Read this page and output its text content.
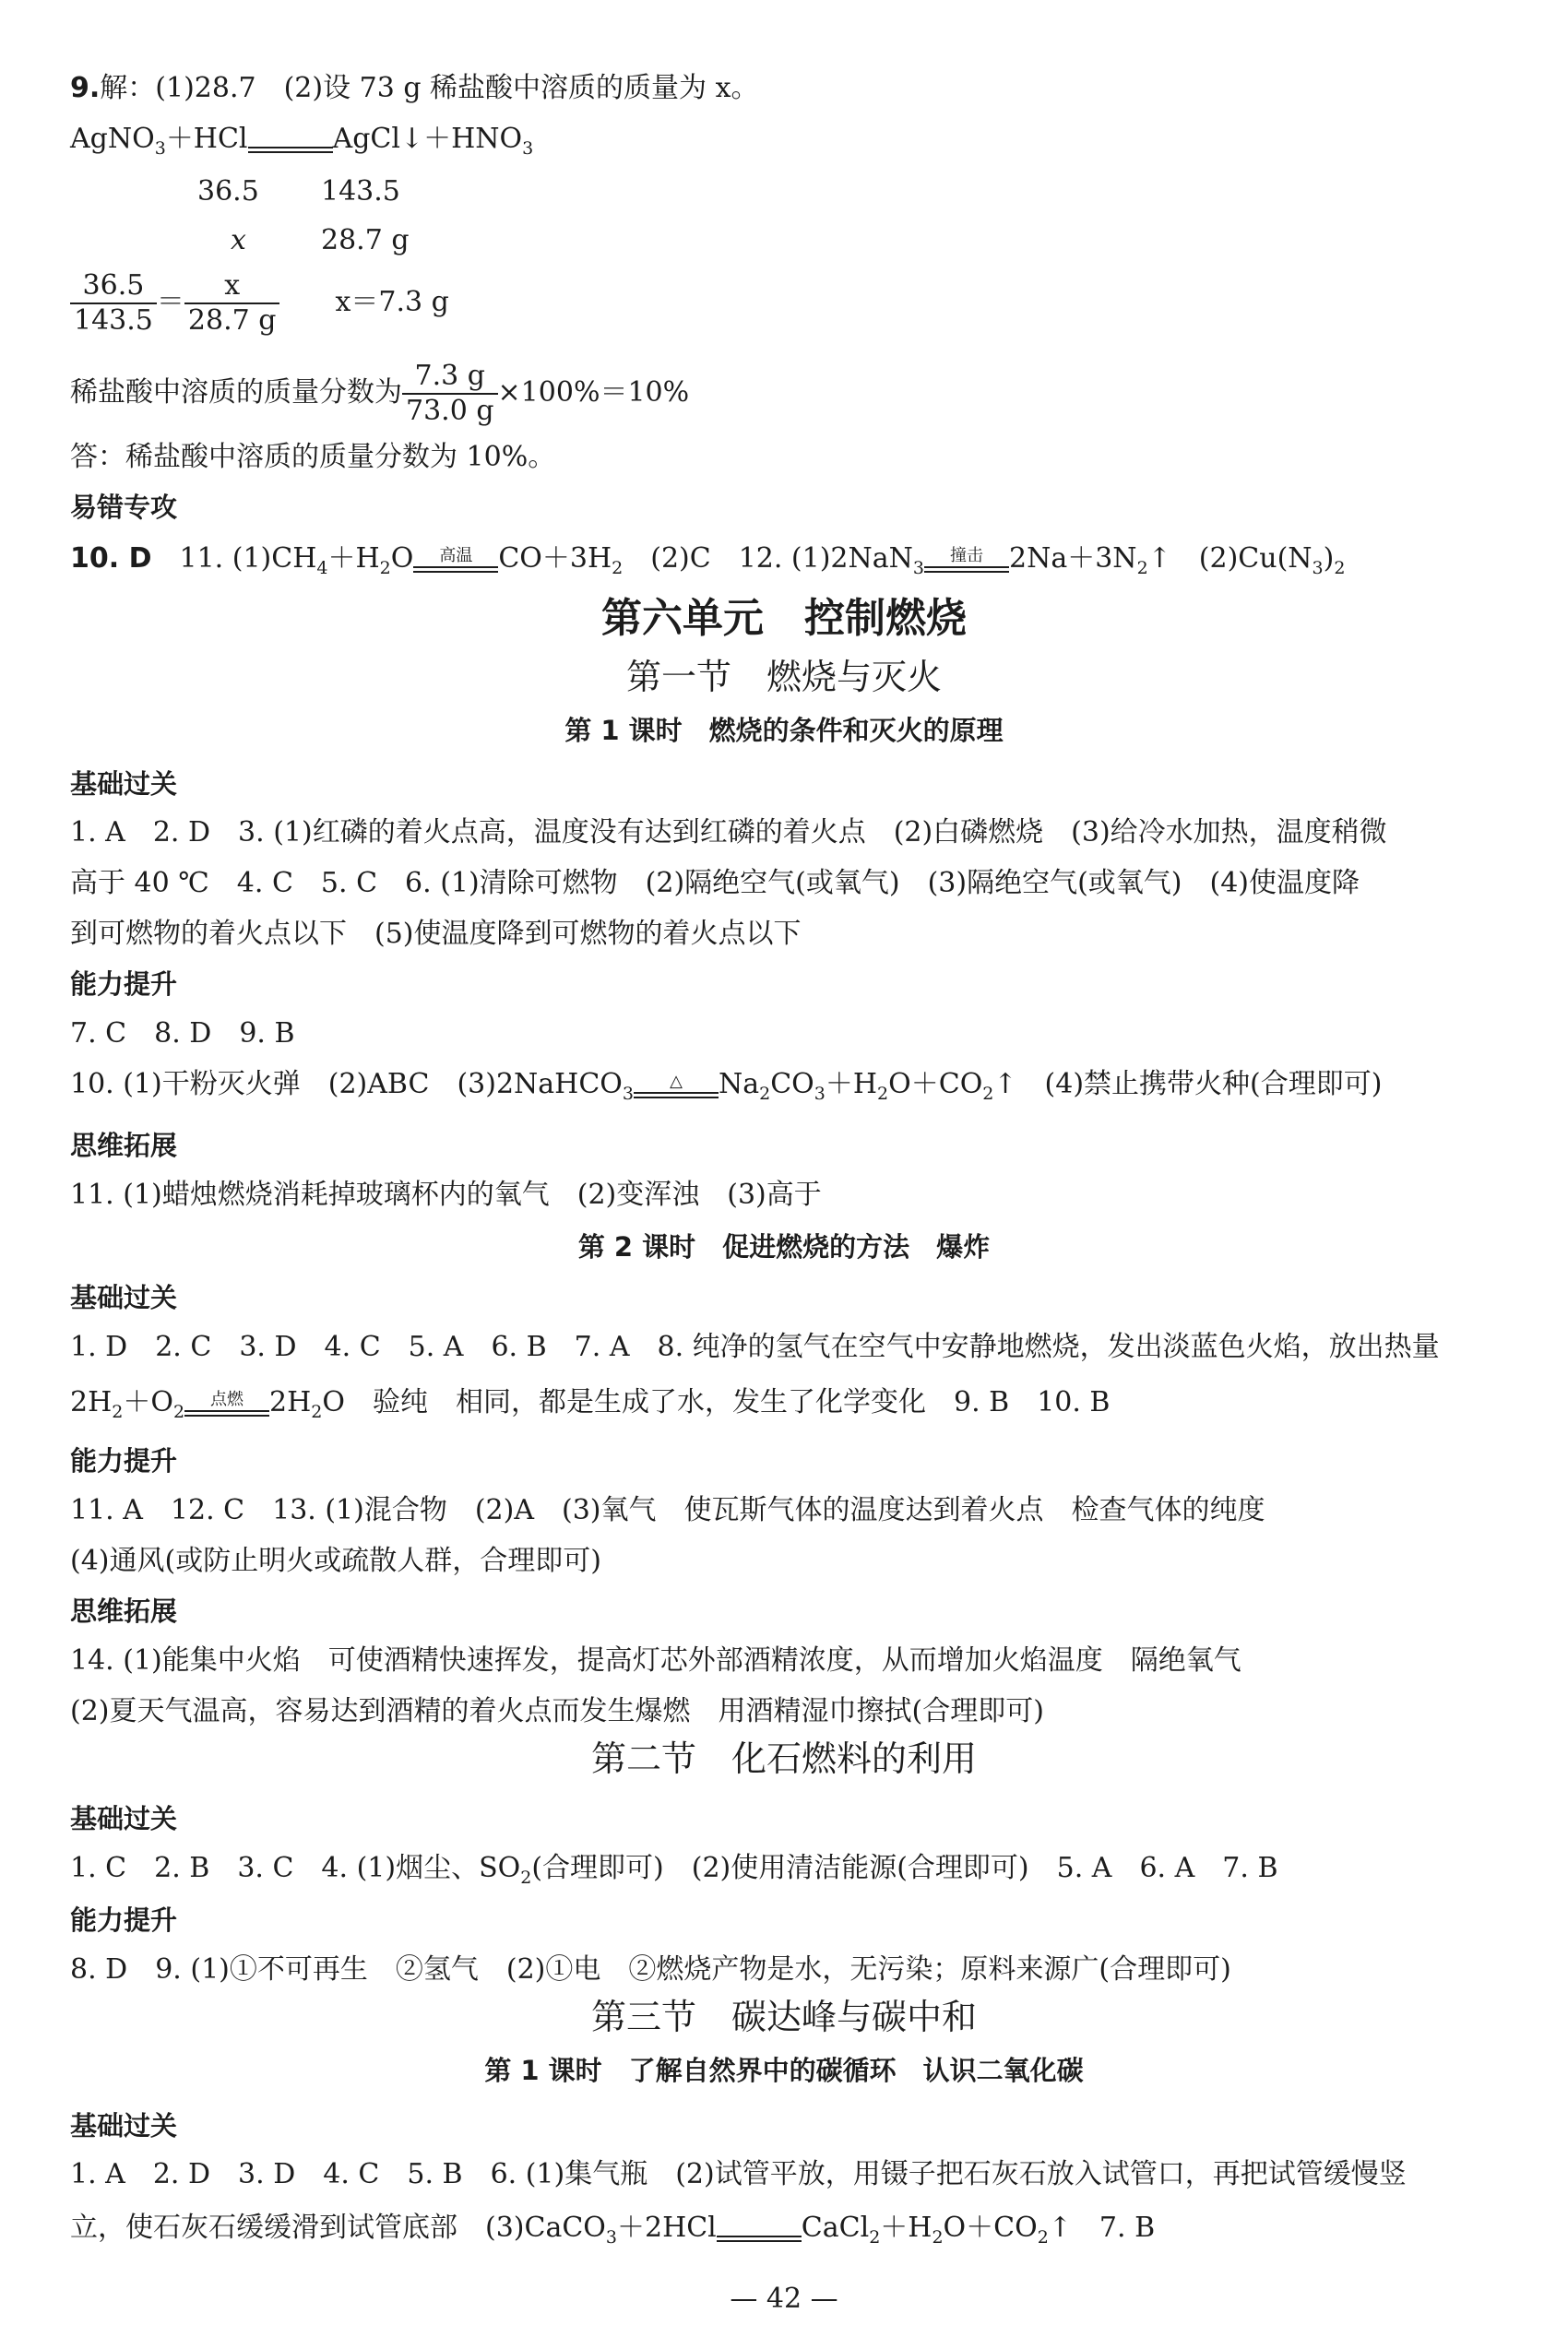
9.解：(1)28.7　(2)设 73 g 稀盐酸中溶质的质量为 x。
AgNO$_3$＋HCl	$AgCl↓+HNO_3$
36.5 143.5
x	28.7 g
$\frac{36.5}{143.5} = \frac{x}{28.7 g} x=7.3$ g
稀盐酸中溶质的质量分数为 $\frac{7.3 g}{73.0 g} \times 100\%=10\%$
答：稀盐酸中溶质的质量分数为 10%。
易错专攻
10. D　 11. $(1)CH_4+H_2O$	高温 $CO+3H_2$　 (2)C　 12. (1)2NaN$_3$
撞击 $2Na+3N_2↑$　$(2)Cu(N_3)_2$
第六单元　控制燃烧
第一节　燃烧与灭火
第 1 课时　燃烧的条件和灭火的原理
基础过关
1. A　2. D　3. (1)红磷的着火点高，温度没有达到红磷的着火点　(2)白磷燃烧　(3)给冷水加热，温度稍微
高于 40 ℃　4. C　5. C　6. (1)清除可燃物　(2)隔绝空气(或氧气)　(3)隔绝空气(或氧气)　(4)使温度降
到可燃物的着火点以下　(5)使温度降到可燃物的着火点以下
能力提升
7. C　8. D　9. B
10. (1)干粉灭火弹　(2)ABC　(3)2NaHCO$_3$
△	$Na_2CO_3+H_2O+CO_2↑$　(4)禁止携带火种(合理即可)
思维拓展
11. (1)蜡烛燃烧消耗掉玻璃杯内的氧气　(2)变浑浊　(3)高于
第 2 课时　促进燃烧的方法　爆炸
基础过关
1. D　2. C　3. D　4. C　5. A　6. B　7. A　8. 纯净的氢气在空气中安静地燃烧，发出淡蓝色火焰，放出热量
$2H_2+O_2$
点燃 $2H_2O$　验纯　相同，都是生成了水，发生了化学变化　9. B　10. B
能力提升
11. A　12. C　13. (1)混合物　(2)A　(3)氧气　使瓦斯气体的温度达到着火点　检查气体的纯度
(4)通风(或防止明火或疏散人群，合理即可)
思维拓展
14. (1)能集中火焰　可使酒精快速挥发，提高灯芯外部酒精浓度，从而增加火焰温度　隔绝氧气
(2)夏天气温高，容易达到酒精的着火点而发生爆燃　用酒精湿巾擦拭(合理即可)
第二节　化石燃料的利用
基础过关
1. C　2. B　3. C　4. (1)烟尘、$SO_2$(合理即可)　(2)使用清洁能源(合理即可)　5. A　6. A　7. B
能力提升
8. D　9. (1)①不可再生　②氢气　(2)①电　②燃烧产物是水，无污染；原料来源广(合理即可)
第三节　碳达峰与碳中和
第 1 课时　了解自然界中的碳循环　认识二氧化碳
基础过关
1. A　2. D　3. D　4. C　5. B　6. (1)集气瓶　(2)试管平放，用镊子把石灰石放入试管口，再把试管缓慢竖
立，使石灰石缓缓滑到试管底部　(3)CaCO$_3$＋2HCl	$CaCl_2+H_2O+CO_2↑$　7. B
— 42 —
